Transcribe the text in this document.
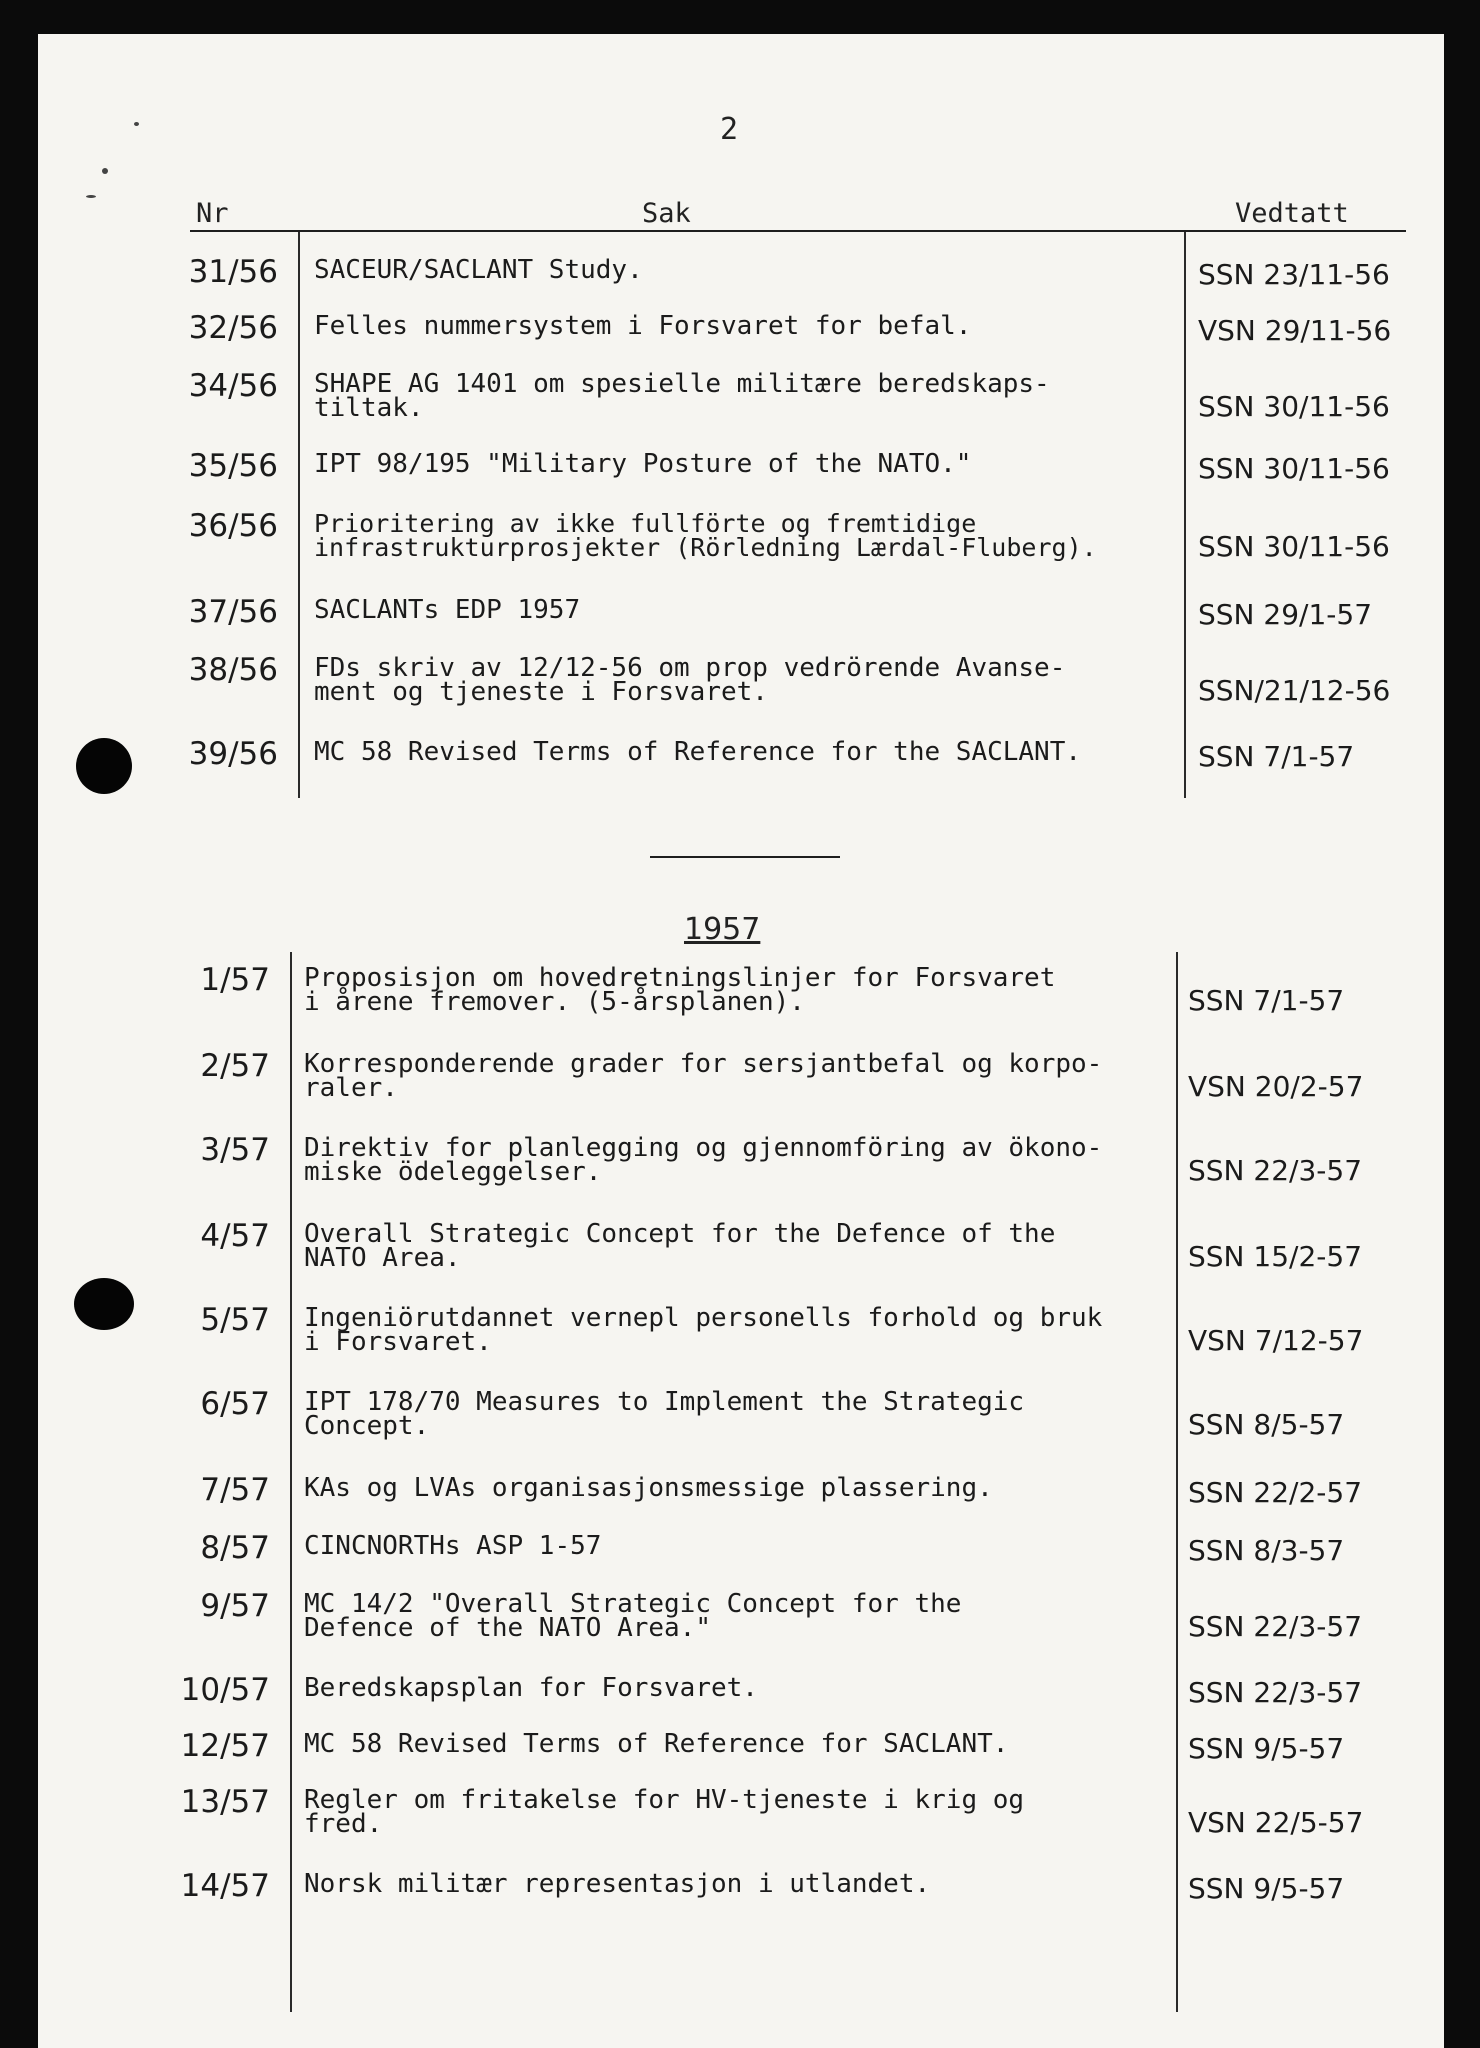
2
Nr	Sak	Vedtatt
1957
31/56 SACEUR/SACLANT Study.	SSN 23/11-56
32/56 Felles nummersystem i Forsvaret for befal.	VSN 29/11-56
34/56 SHAPE AG 1401 om spesielle militære beredskaps-
tiltak.	SSN 30/11-56
35/56 IPT 98/195 "Military Posture of the NATO."	SSN 30/11-56
36/56 Prioritering av ikke fullförte og fremtidige
infrastrukturprosjekter (Rörledning Lærdal-Fluberg).	SSN 30/11-56
37/56 SACLANTs EDP 1957	SSN 29/1-57
38/56 FDs skriv av 12/12-56 om prop vedrörende Avanse-
ment og tjeneste i Forsvaret.	SSN/21/12-56
39/56 MC 58 Revised Terms of Reference for the SACLANT.	SSN 7/1-57
1/57 Proposisjon om hovedretningslinjer for Forsvaret
i årene fremover. (5-årsplanen).	SSN 7/1-57
2/57 Korresponderende grader for sersjantbefal og korpo-
raler.	VSN 20/2-57
3/57 Direktiv for planlegging og gjennomföring av ökono-
miske ödeleggelser.	SSN 22/3-57
4/57 Overall Strategic Concept for the Defence of the
NATO Area.	SSN 15/2-57
5/57 Ingeniörutdannet vernepl personells forhold og bruk
i Forsvaret.	VSN 7/12-57
6/57 IPT 178/70 Measures to Implement the Strategic
Concept.	SSN 8/5-57
7/57 KAs og LVAs organisasjonsmessige plassering.	SSN 22/2-57
8/57 CINCNORTHs ASP 1-57	SSN 8/3-57
9/57 MC 14/2 "Overall Strategic Concept for the
Defence of the NATO Area."	SSN 22/3-57
10/57 Beredskapsplan for Forsvaret.	SSN 22/3-57
12/57 MC 58 Revised Terms of Reference for SACLANT.	SSN 9/5-57
13/57 Regler om fritakelse for HV-tjeneste i krig og
fred.	VSN 22/5-57
14/57 Norsk militær representasjon i utlandet.	SSN 9/5-57
